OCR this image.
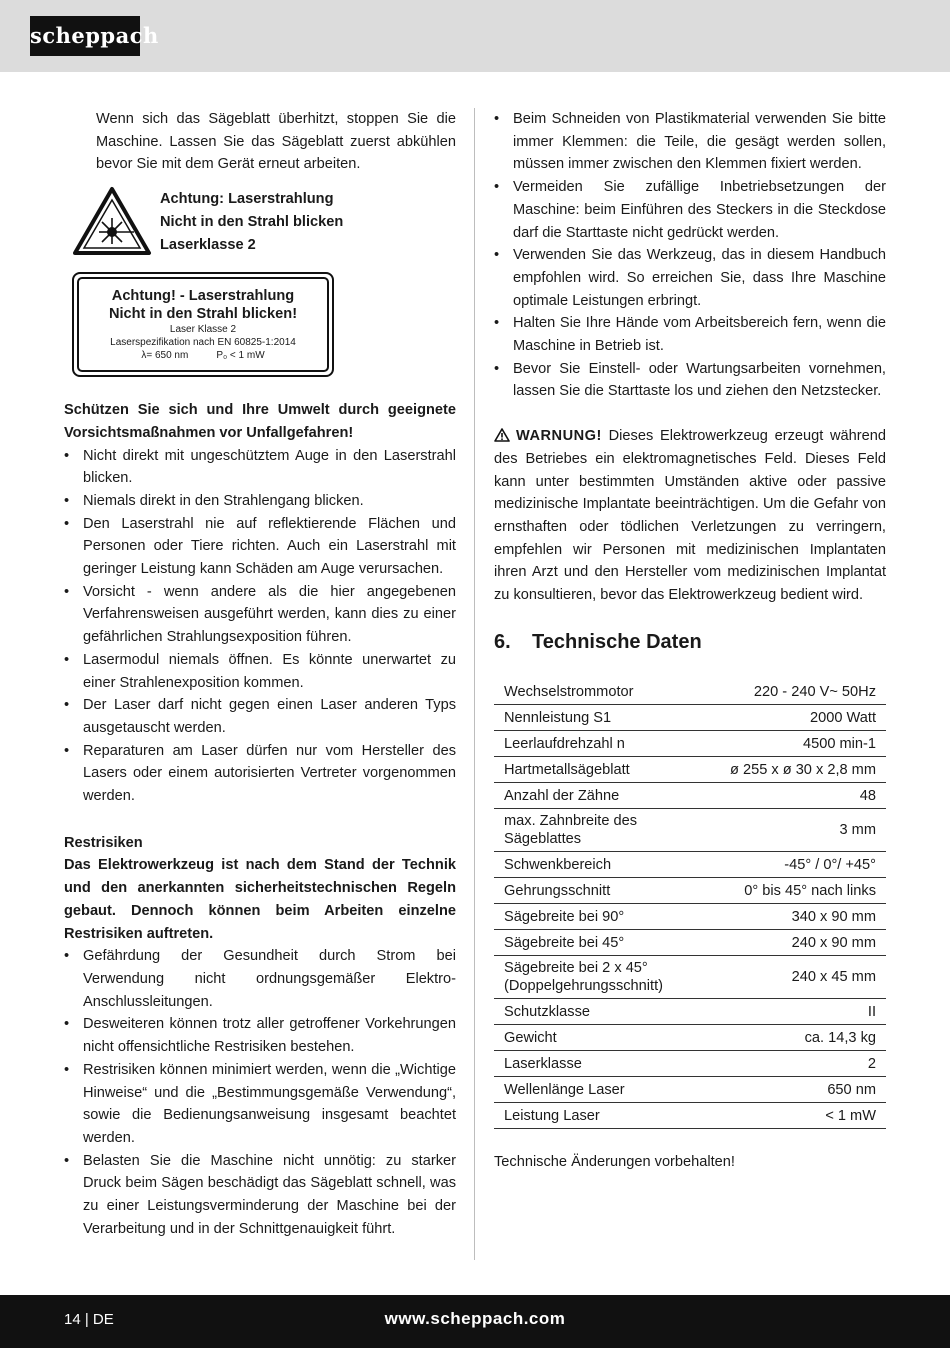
scheppach

Wenn sich das Sägeblatt überhitzt, stoppen Sie die Maschine. Lassen Sie das Sägeblatt zuerst abkühlen bevor Sie mit dem Gerät erneut arbeiten.

Achtung: Laserstrahlung
Nicht in den Strahl blicken
Laserklasse 2
Achtung! - Laserstrahlung
Nicht in den Strahl blicken!
Laser Klasse 2
Laserspezifikation nach EN 60825-1:2014
λ= 650 nm	P₀ < 1 mW

Schützen Sie sich und Ihre Umwelt durch geeignete Vorsichtsmaßnahmen vor Unfallgefahren!

• Nicht direkt mit ungeschütztem Auge in den Laserstrahl blicken.
• Niemals direkt in den Strahlengang blicken.
• Den Laserstrahl nie auf reflektierende Flächen und Personen oder Tiere richten. Auch ein Laserstrahl mit geringer Leistung kann Schäden am Auge verursachen.
• Vorsicht - wenn andere als die hier angegebenen Verfahrensweisen ausgeführt werden, kann dies zu einer gefährlichen Strahlungsexposition führen.
• Lasermodul niemals öffnen. Es könnte unerwartet zu einer Strahlenexposition kommen.
• Der Laser darf nicht gegen einen Laser anderen Typs ausgetauscht werden.
• Reparaturen am Laser dürfen nur vom Hersteller des Lasers oder einem autorisierten Vertreter vorgenommen werden.

Restrisiken

Das Elektrowerkzeug ist nach dem Stand der Technik und den anerkannten sicherheitstechnischen Regeln gebaut. Dennoch können beim Arbeiten einzelne Restrisiken auftreten.

• Gefährdung der Gesundheit durch Strom bei Verwendung nicht ordnungsgemäßer Elektro-Anschlussleitungen.
• Desweiteren können trotz aller getroffener Vorkehrungen nicht offensichtliche Restrisiken bestehen.
• Restrisiken können minimiert werden, wenn die „Wichtige Hinweise“ und die „Bestimmungsgemäße Verwendung“, sowie die Bedienungsanweisung insgesamt beachtet werden.
• Belasten Sie die Maschine nicht unnötig: zu starker Druck beim Sägen beschädigt das Sägeblatt schnell, was zu einer Leistungsverminderung der Maschine bei der Verarbeitung und in der Schnittgenauigkeit führt.
• Beim Schneiden von Plastikmaterial verwenden Sie bitte immer Klemmen: die Teile, die gesägt werden sollen, müssen immer zwischen den Klemmen fixiert werden.
• Vermeiden Sie zufällige Inbetriebsetzungen der Maschine: beim Einführen des Steckers in die Steckdose darf die Starttaste nicht gedrückt werden.
• Verwenden Sie das Werkzeug, das in diesem Handbuch empfohlen wird. So erreichen Sie, dass Ihre Maschine optimale Leistungen erbringt.
• Halten Sie Ihre Hände vom Arbeitsbereich fern, wenn die Maschine in Betrieb ist.
• Bevor Sie Einstell- oder Wartungsarbeiten vornehmen, lassen Sie die Starttaste los und ziehen den Netzstecker.

WARNUNG! Dieses Elektrowerkzeug erzeugt während des Betriebes ein elektromagnetisches Feld. Dieses Feld kann unter bestimmten Umständen aktive oder passive medizinische Implantate beeinträchtigen. Um die Gefahr von ernsthaften oder tödlichen Verletzungen zu verringern, empfehlen wir Personen mit medizinischen Implantaten ihren Arzt und den Hersteller vom medizinischen Implantat zu konsultieren, bevor das Elektrowerkzeug bedient wird.

6.	Technische Daten
Wechselstrommotor	220 - 240 V~ 50Hz
Nennleistung S1	2000 Watt
Leerlaufdrehzahl n	4500 min-1
Hartmetallsägeblatt	ø 255 x ø 30 x 2,8 mm
Anzahl der Zähne	48
max. Zahnbreite des Sägeblattes	3 mm
Schwenkbereich	-45° / 0°/ +45°
Gehrungsschnitt	0° bis 45° nach links
Sägebreite bei 90°	340 x 90 mm
Sägebreite bei 45°	240 x 90 mm
Sägebreite bei 2 x 45° (Doppelgehrungsschnitt)	240 x 45 mm
Schutzklasse	II
Gewicht	ca. 14,3 kg
Laserklasse	2
Wellenlänge Laser	650 nm
Leistung Laser	< 1 mW

Technische Änderungen vorbehalten!

14 | DE	www.scheppach.com
